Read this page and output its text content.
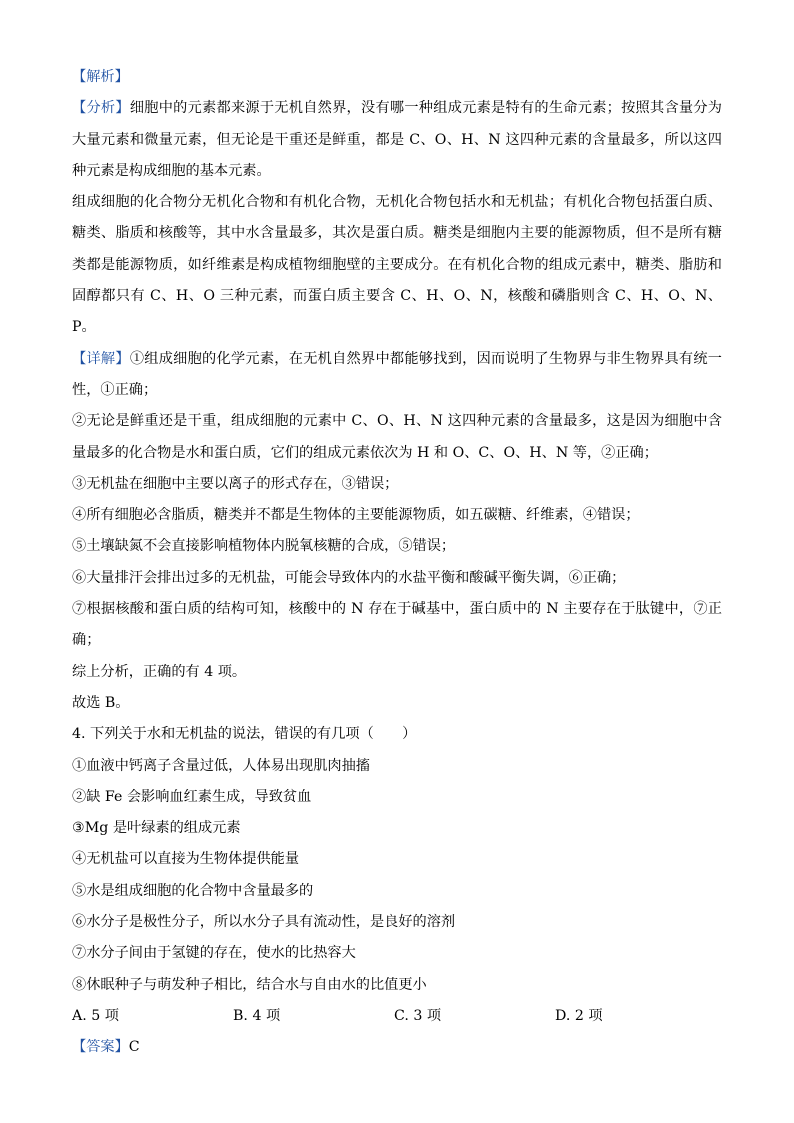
【解析】

【分析】细胞中的元素都来源于无机自然界，没有哪一种组成元素是特有的生命元素；按照其含量分为大量元素和微量元素，但无论是干重还是鲜重，都是 C、O、H、N 这四种元素的含量最多，所以这四种元素是构成细胞的基本元素。

组成细胞的化合物分无机化合物和有机化合物，无机化合物包括水和无机盐；有机化合物包括蛋白质、糖类、脂质和核酸等，其中水含量最多，其次是蛋白质。糖类是细胞内主要的能源物质，但不是所有糖类都是能源物质，如纤维素是构成植物细胞壁的主要成分。在有机化合物的组成元素中，糖类、脂肪和固醇都只有 C、H、O 三种元素，而蛋白质主要含 C、H、O、N，核酸和磷脂则含 C、H、O、N、P。

【详解】①组成细胞的化学元素，在无机自然界中都能够找到，因而说明了生物界与非生物界具有统一性，①正确；

②无论是鲜重还是干重，组成细胞的元素中 C、O、H、N 这四种元素的含量最多，这是因为细胞中含量最多的化合物是水和蛋白质，它们的组成元素依次为 H 和 O、C、O、H、N 等，②正确；

③无机盐在细胞中主要以离子的形式存在，③错误；

④所有细胞必含脂质，糖类并不都是生物体的主要能源物质，如五碳糖、纤维素，④错误；

⑤土壤缺氮不会直接影响植物体内脱氧核糖的合成，⑤错误；

⑥大量排汗会排出过多的无机盐，可能会导致体内的水盐平衡和酸碱平衡失调，⑥正确；

⑦根据核酸和蛋白质的结构可知，核酸中的 N 存在于碱基中，蛋白质中的 N 主要存在于肽键中，⑦正确；

综上分析，正确的有 4 项。

故选 B。

4. 下列关于水和无机盐的说法，错误的有几项（　　）

①血液中钙离子含量过低，人体易出现肌肉抽搐

②缺 Fe 会影响血红素生成，导致贫血

③Mg 是叶绿素的组成元素

④无机盐可以直接为生物体提供能量

⑤水是组成细胞的化合物中含量最多的

⑥水分子是极性分子，所以水分子具有流动性，是良好的溶剂

⑦水分子间由于氢键的存在，使水的比热容大

⑧休眠种子与萌发种子相比，结合水与自由水的比值更小

A. 5 项	B. 4 项	C. 3 项	D. 2 项

【答案】C
